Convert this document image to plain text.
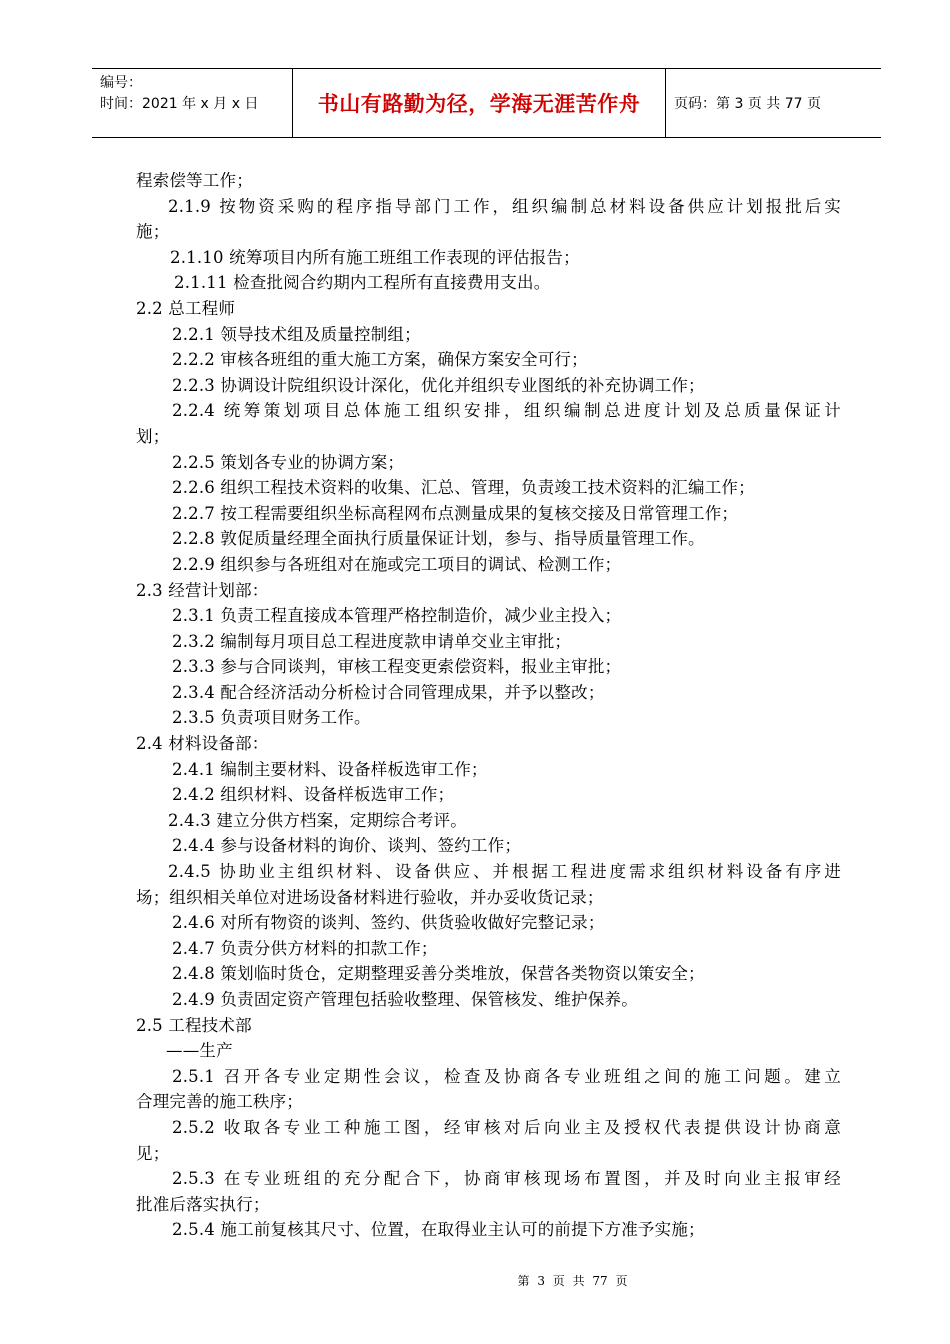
编号：
时间：2021 年 x 月 x 日	书山有路勤为径，学海无涯苦作舟	页码：第 3 页 共 77 页
程索偿等工作；
2.1.9 按物资采购的程序指导部门工作，组织编制总材料设备供应计划报批后实
施；
2.1.10 统筹项目内所有施工班组工作表现的评估报告；
2.1.11 检查批阅合约期内工程所有直接费用支出。
2.2 总工程师
2.2.1 领导技术组及质量控制组；
2.2.2 审核各班组的重大施工方案，确保方案安全可行；
2.2.3 协调设计院组织设计深化，优化并组织专业图纸的补充协调工作；
2.2.4 统筹策划项目总体施工组织安排，组织编制总进度计划及总质量保证计
划；
2.2.5 策划各专业的协调方案；
2.2.6 组织工程技术资料的收集、汇总、管理，负责竣工技术资料的汇编工作；
2.2.7 按工程需要组织坐标高程网布点测量成果的复核交接及日常管理工作；
2.2.8 敦促质量经理全面执行质量保证计划，参与、指导质量管理工作。
2.2.9 组织参与各班组对在施或完工项目的调试、检测工作；
2.3 经营计划部：
2.3.1 负责工程直接成本管理严格控制造价，减少业主投入；
2.3.2 编制每月项目总工程进度款申请单交业主审批；
2.3.3 参与合同谈判，审核工程变更索偿资料，报业主审批；
2.3.4 配合经济活动分析检讨合同管理成果，并予以整改；
2.3.5 负责项目财务工作。
2.4 材料设备部：
2.4.1 编制主要材料、设备样板选审工作；
2.4.2 组织材料、设备样板选审工作；
2.4.3 建立分供方档案，定期综合考评。
2.4.4 参与设备材料的询价、谈判、签约工作；
2.4.5 协助业主组织材料、设备供应、并根据工程进度需求组织材料设备有序进
场；组织相关单位对进场设备材料进行验收，并办妥收货记录；
2.4.6 对所有物资的谈判、签约、供货验收做好完整记录；
2.4.7 负责分供方材料的扣款工作；
2.4.8 策划临时货仓，定期整理妥善分类堆放，保营各类物资以策安全；
2.4.9 负责固定资产管理包括验收整理、保管核发、维护保养。
2.5 工程技术部
——生产
2.5.1 召开各专业定期性会议，检查及协商各专业班组之间的施工问题。建立
合理完善的施工秩序；
2.5.2 收取各专业工种施工图，经审核对后向业主及授权代表提供设计协商意
见；
2.5.3 在专业班组的充分配合下，协商审核现场布置图，并及时向业主报审经
批准后落实执行；
2.5.4 施工前复核其尺寸、位置，在取得业主认可的前提下方准予实施；
第 3 页 共 77 页
